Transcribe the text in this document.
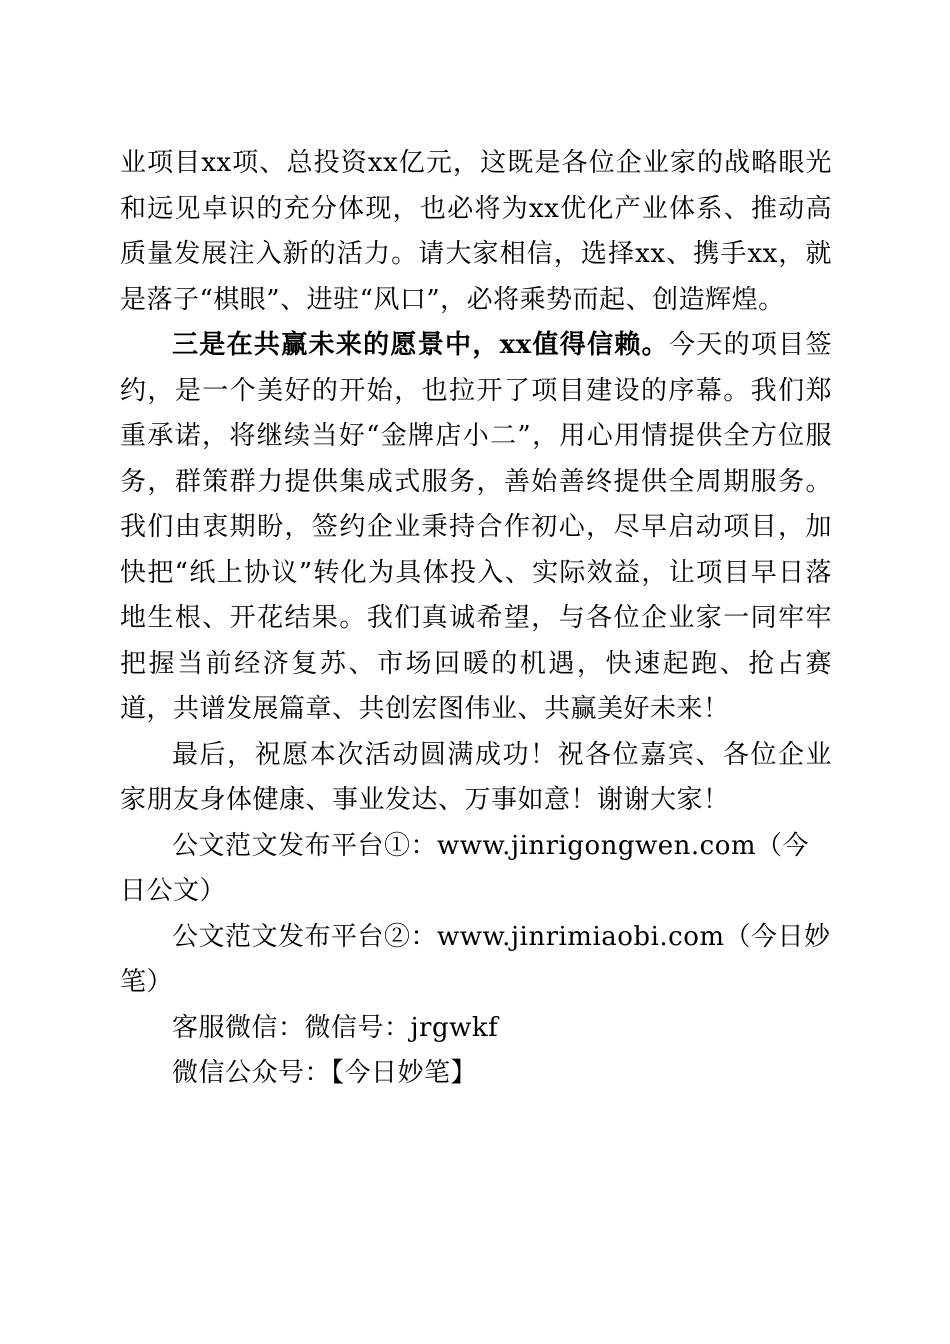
业项目xx项、总投资xx亿元，这既是各位企业家的战略眼光和远见卓识的充分体现，也必将为xx优化产业体系、推动高质量发展注入新的活力。请大家相信，选择xx、携手xx，就是落子“棋眼”、进驻“风口”，必将乘势而起、创造辉煌。

三是在共赢未来的愿景中，xx值得信赖。今天的项目签约，是一个美好的开始，也拉开了项目建设的序幕。我们郑重承诺，将继续当好“金牌店小二”，用心用情提供全方位服务，群策群力提供集成式服务，善始善终提供全周期服务。我们由衷期盼，签约企业秉持合作初心，尽早启动项目，加快把“纸上协议”转化为具体投入、实际效益，让项目早日落地生根、开花结果。我们真诚希望，与各位企业家一同牢牢把握当前经济复苏、市场回暖的机遇，快速起跑、抢占赛道，共谱发展篇章、共创宏图伟业、共赢美好未来！

最后，祝愿本次活动圆满成功！祝各位嘉宾、各位企业家朋友身体健康、事业发达、万事如意！谢谢大家！

公文范文发布平台①：www.jinrigongwen.com（今日公文）

公文范文发布平台②：www.jinrimiaobi.com（今日妙笔）

客服微信：微信号：jrgwkf

微信公众号：【今日妙笔】
